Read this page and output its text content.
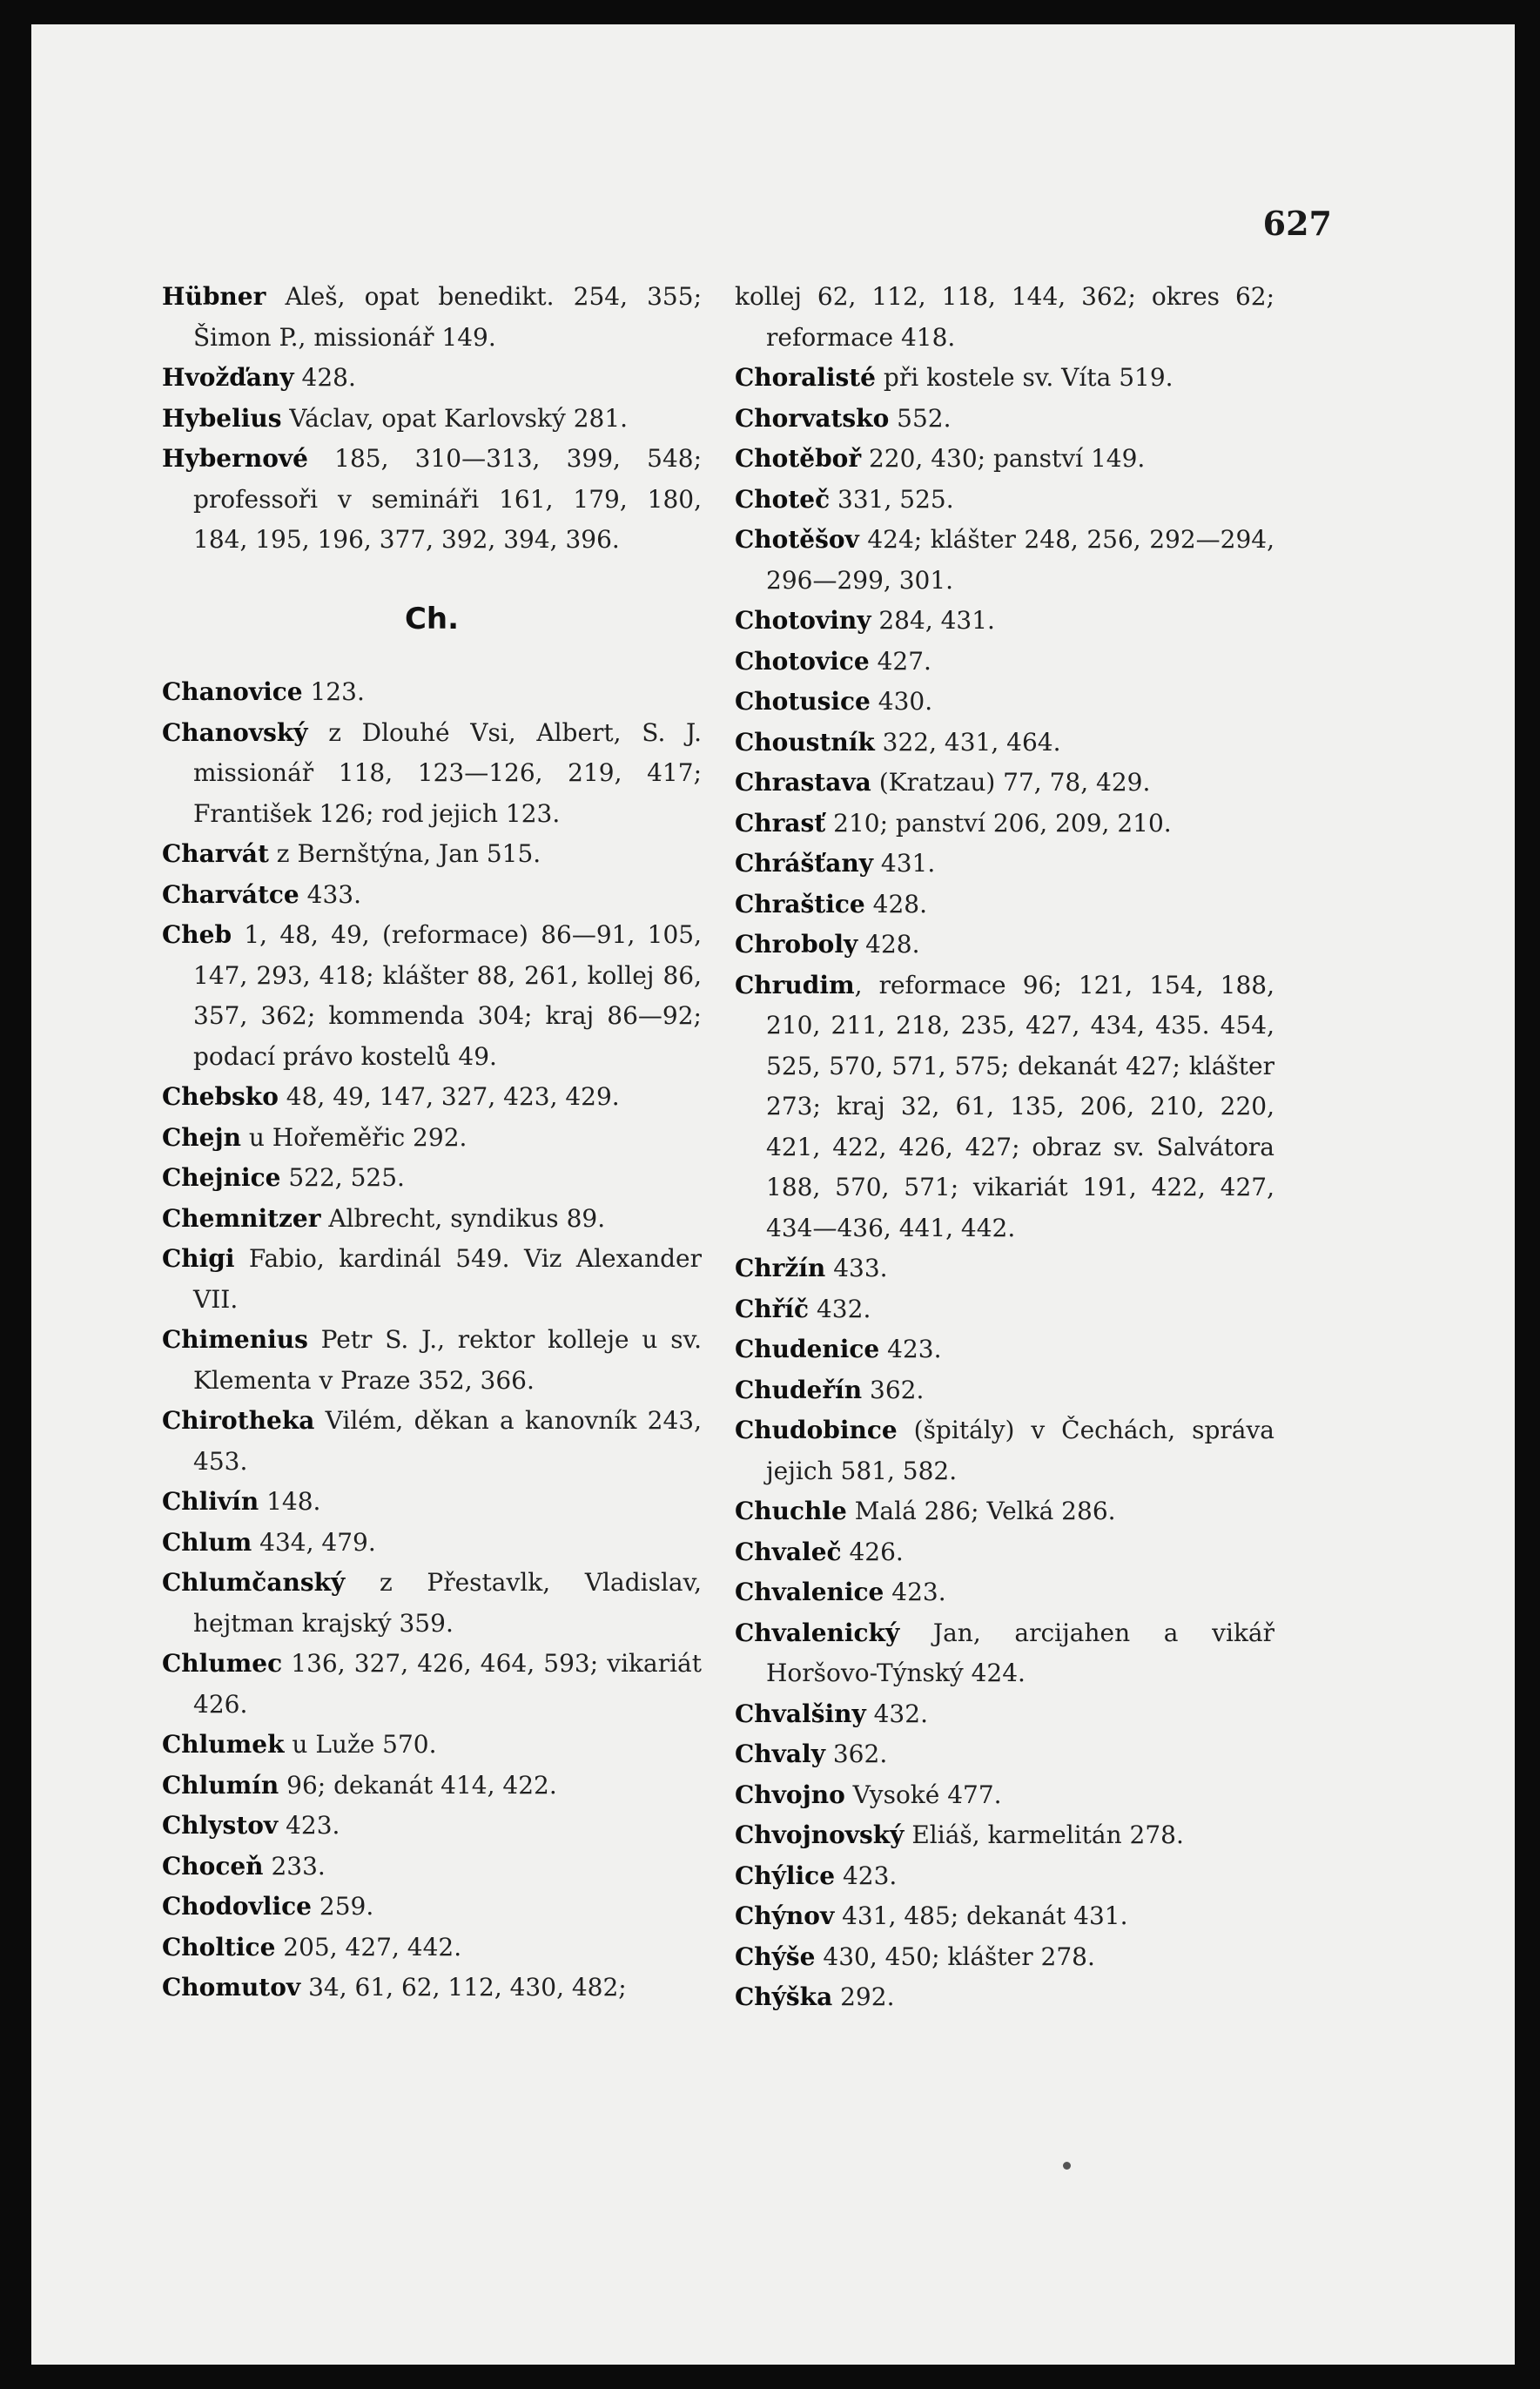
627

Hübner Aleš, opat benedikt. 254, 355; Šimon P., missionář 149.
Hvožďany 428.
Hybelius Václav, opat Karlovský 281.
Hybernové 185, 310—313, 399, 548; professoři v semináři 161, 179, 180, 184, 195, 196, 377, 392, 394, 396.
Ch.
Chanovice 123.
Chanovský z Dlouhé Vsi, Albert, S. J. missionář 118, 123—126, 219, 417; František 126; rod jejich 123.
Charvát z Bernštýna, Jan 515.
Charvátce 433.
Cheb 1, 48, 49, (reformace) 86—91, 105, 147, 293, 418; klášter 88, 261, kollej 86, 357, 362; kommenda 304; kraj 86—92; podací právo kostelů 49.
Chebsko 48, 49, 147, 327, 423, 429.
Chejn u Hořeměřic 292.
Chejnice 522, 525.
Chemnitzer Albrecht, syndikus 89.
Chigi Fabio, kardinál 549. Viz Alexander VII.
Chimenius Petr S. J., rektor kolleje u sv. Klementa v Praze 352, 366.
Chirotheka Vilém, děkan a kanovník 243, 453.
Chlivín 148.
Chlum 434, 479.
Chlumčanský z Přestavlk, Vladislav, hejtman krajský 359.
Chlumec 136, 327, 426, 464, 593; vikariát 426.
Chlumek u Luže 570.
Chlumín 96; dekanát 414, 422.
Chlystov 423.
Choceň 233.
Chodovlice 259.
Choltice 205, 427, 442.
Chomutov 34, 61, 62, 112, 430, 482;
kollej 62, 112, 118, 144, 362; okres 62; reformace 418.
Choralisté při kostele sv. Víta 519.
Chorvatsko 552.
Chotěboř 220, 430; panství 149.
Choteč 331, 525.
Chotěšov 424; klášter 248, 256, 292—294, 296—299, 301.
Chotoviny 284, 431.
Chotovice 427.
Chotusice 430.
Choustník 322, 431, 464.
Chrastava (Kratzau) 77, 78, 429.
Chrasť 210; panství 206, 209, 210.
Chrášťany 431.
Chraštice 428.
Chroboly 428.
Chrudim, reformace 96; 121, 154, 188, 210, 211, 218, 235, 427, 434, 435. 454, 525, 570, 571, 575; dekanát 427; klášter 273; kraj 32, 61, 135, 206, 210, 220, 421, 422, 426, 427; obraz sv. Salvátora 188, 570, 571; vikariát 191, 422, 427, 434—436, 441, 442.
Chržín 433.
Chříč 432.
Chudenice 423.
Chudeřín 362.
Chudobince (špitály) v Čechách, správa jejich 581, 582.
Chuchle Malá 286; Velká 286.
Chvaleč 426.
Chvalenice 423.
Chvalenický Jan, arcijahen a vikář Horšovo-Týnský 424.
Chvalšiny 432.
Chvaly 362.
Chvojno Vysoké 477.
Chvojnovský Eliáš, karmelitán 278.
Chýlice 423.
Chýnov 431, 485; dekanát 431.
Chýše 430, 450; klášter 278.
Chýška 292.
